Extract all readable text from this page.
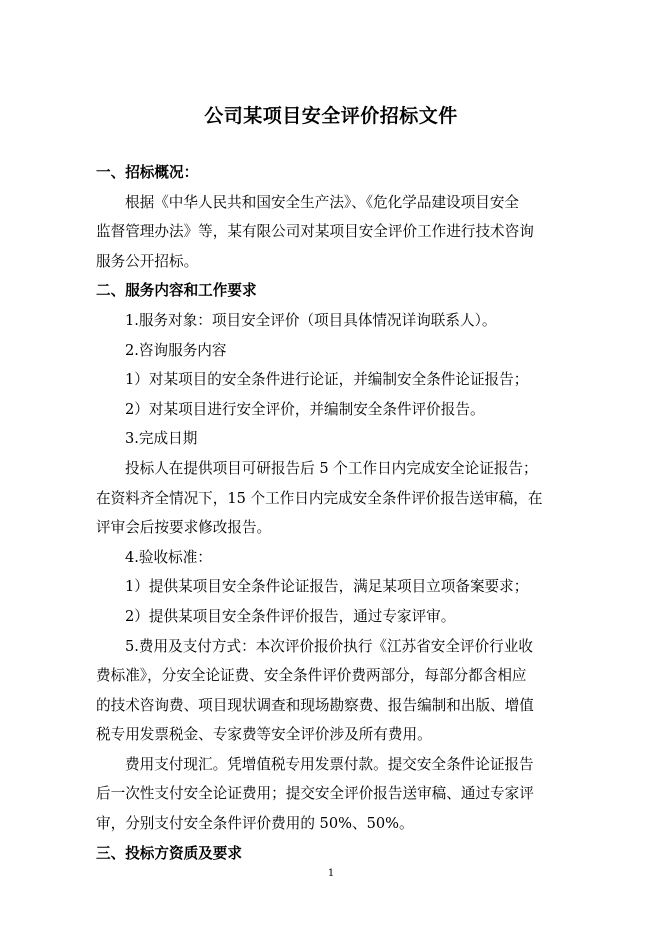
公司某项目安全评价招标文件
一、招标概况：
根据《中华人民共和国安全生产法》、《危化学品建设项目安全
监督管理办法》等，某有限公司对某项目安全评价工作进行技术咨询
服务公开招标。
二、服务内容和工作要求
1.服务对象：项目安全评价（项目具体情况详询联系人）。
2.咨询服务内容
1）对某项目的安全条件进行论证，并编制安全条件论证报告；
2）对某项目进行安全评价，并编制安全条件评价报告。
3.完成日期
投标人在提供项目可研报告后 5 个工作日内完成安全论证报告；
在资料齐全情况下，15 个工作日内完成安全条件评价报告送审稿，在
评审会后按要求修改报告。
4.验收标准：
1）提供某项目安全条件论证报告，满足某项目立项备案要求；
2）提供某项目安全条件评价报告，通过专家评审。
5.费用及支付方式：本次评价报价执行《江苏省安全评价行业收
费标准》，分安全论证费、安全条件评价费两部分，每部分都含相应
的技术咨询费、项目现状调查和现场勘察费、报告编制和出版、增值
税专用发票税金、专家费等安全评价涉及所有费用。
费用支付现汇。凭增值税专用发票付款。提交安全条件论证报告
后一次性支付安全论证费用；提交安全评价报告送审稿、通过专家评
审，分别支付安全条件评价费用的 50%、50%。
三、投标方资质及要求
1
